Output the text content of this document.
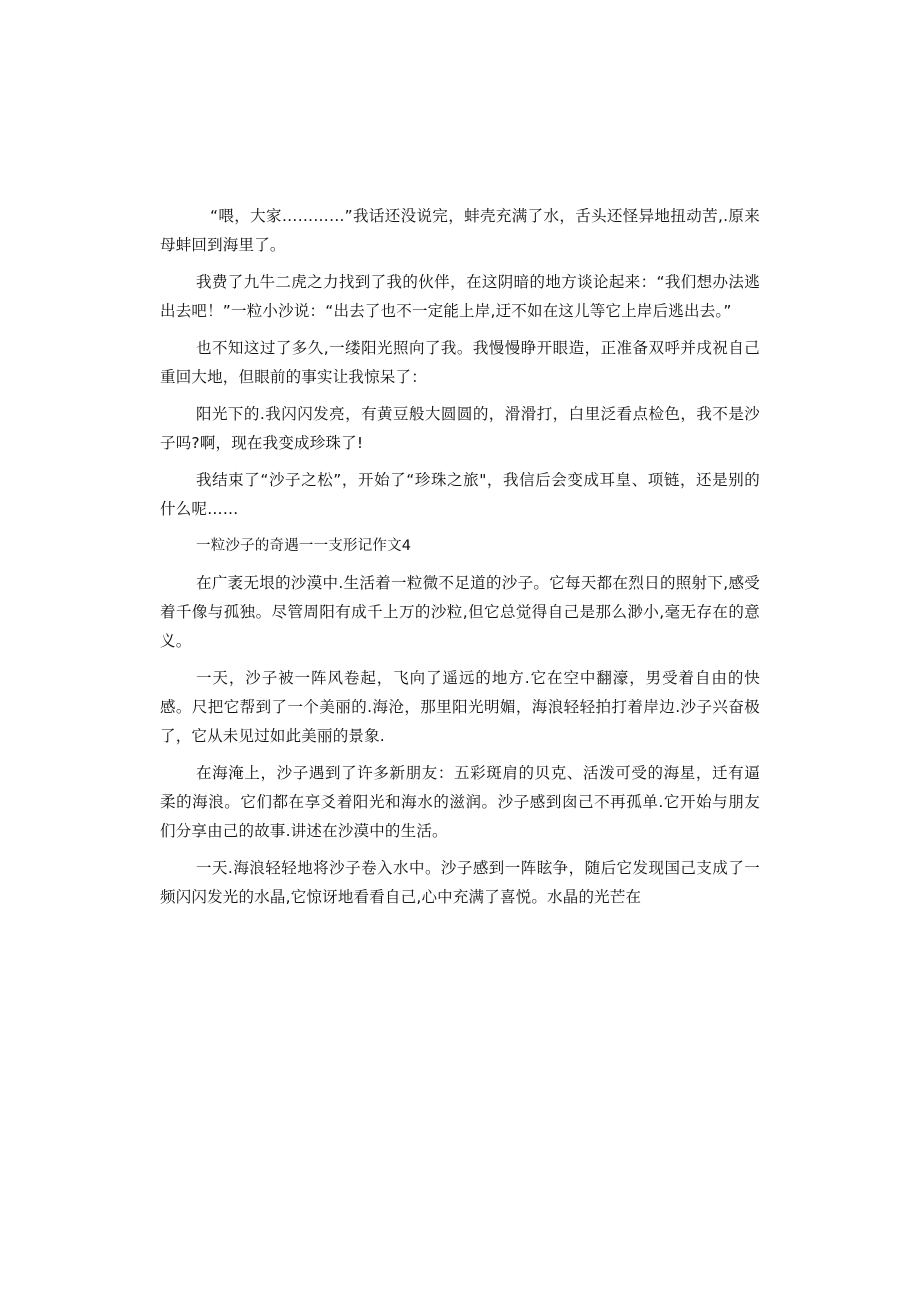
“喂，大家…………”我话还没说完，蚌壳充满了水，舌头还怪异地扭动苦,.原来母蚌回到海里了。

我费了九牛二虎之力找到了我的伙伴，在这阴暗的地方谈论起来：“我们想办法逃出去吧！”一粒小沙说：“出去了也不一定能上岸,迂不如在这儿等它上岸后逃出去。”

也不知这过了多久,一缕阳光照向了我。我慢慢睁开眼造，正准备双呼并戌祝自己重回大地，但眼前的事实让我惊呆了：

阳光下的.我闪闪发亮，有黄豆般大圆圆的，滑滑打，白里泛看点检色，我不是沙子吗?啊，现在我变成珍珠了!

我结束了“沙子之松”，开始了“珍珠之旅"，我信后会变成耳皇、项链，还是别的什么呢……

一粒沙子的奇遇一一支形记作文4

在广袤无垠的沙漠中.生活着一粒微不足道的沙子。它每天都在烈日的照射下,感受着千像与孤独。尽管周阳有成千上万的沙粒,但它总觉得自己是那么渺小,毫无存在的意义。

一天，沙子被一阵风卷起，飞向了遥远的地方.它在空中翻濠，男受着自由的快感。尺把它帮到了一个美丽的.海沧，那里阳光明媚，海浪轻轻拍打着岸边.沙子兴奋极了，它从未见过如此美丽的景象.

在海淹上，沙子遇到了许多新朋友：五彩斑肩的贝克、活泼可受的海星，迁有逼柔的海浪。它们都在享爻着阳光和海水的滋润。沙子感到囱己不再孤单.它开始与朋友们分享由己的故事.讲述在沙漠中的生活。

一天.海浪轻轻地将沙子卷入水中。沙子感到一阵眩争，随后它发现国己支成了一频闪闪发光的水晶,它惊讶地看看自己,心中充满了喜悦。水晶的光芒在
